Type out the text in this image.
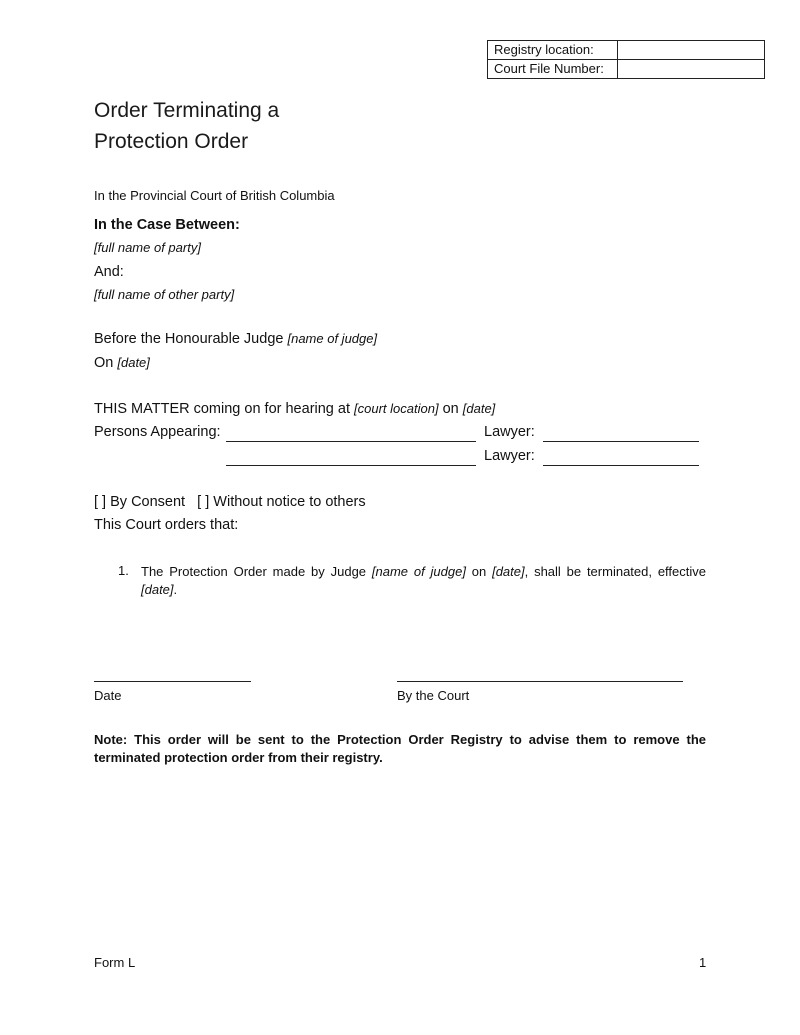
Registry location:	
Court File Number:	
Order Terminating a
Protection Order
In the Provincial Court of British Columbia
In the Case Between:
[full name of party]
And:
[full name of other party]
Before the Honourable Judge [name of judge]
On [date]
THIS MATTER coming on for hearing at [court location] on [date]
Persons Appearing:	Lawyer:
Lawyer:
[ ] By Consent [ ] Without notice to others
This Court orders that:
1. The Protection Order made by Judge [name of judge] on [date], shall be terminated, effective [date].
Date	By the Court
Note: This order will be sent to the Protection Order Registry to advise them to remove the terminated protection order from their registry.
Form L	1
